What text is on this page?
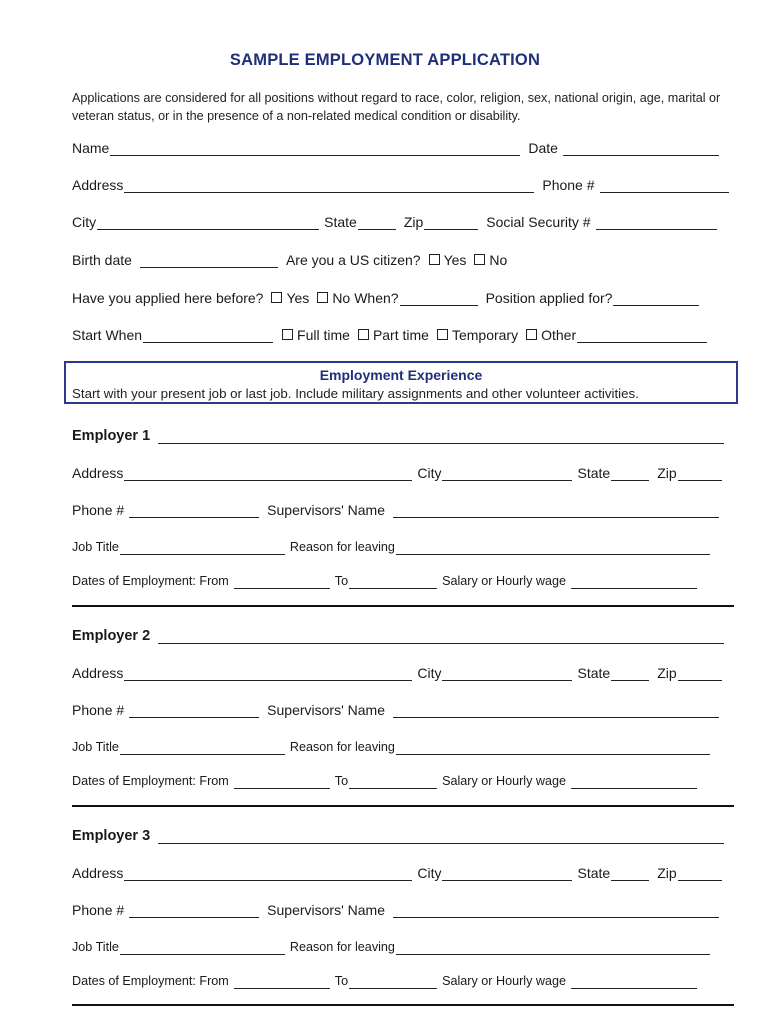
SAMPLE EMPLOYMENT APPLICATION
Applications are considered for all positions without regard to race, color, religion, sex, national origin, age, marital or veteran status, or in the presence of a non-related medical condition or disability.
Name	Date
Address	Phone #
City	State	Zip	Social Security #
Birth date	Are you a US citizen? Yes No
Have you applied here before? Yes No When?	Position applied for?
Start When	Full time Part time Temporary Other
Employment Experience
Start with your present job or last job. Include military assignments and other volunteer activities.
Employer 1
Address	City	State	Zip
Phone #	Supervisors' Name
Job Title	Reason for leaving
Dates of Employment: From	To	Salary or Hourly wage
Employer 2
Address	City	State	Zip
Phone #	Supervisors' Name
Job Title	Reason for leaving
Dates of Employment: From	To	Salary or Hourly wage
Employer 3
Address	City	State	Zip
Phone #	Supervisors' Name
Job Title	Reason for leaving
Dates of Employment: From	To	Salary or Hourly wage
